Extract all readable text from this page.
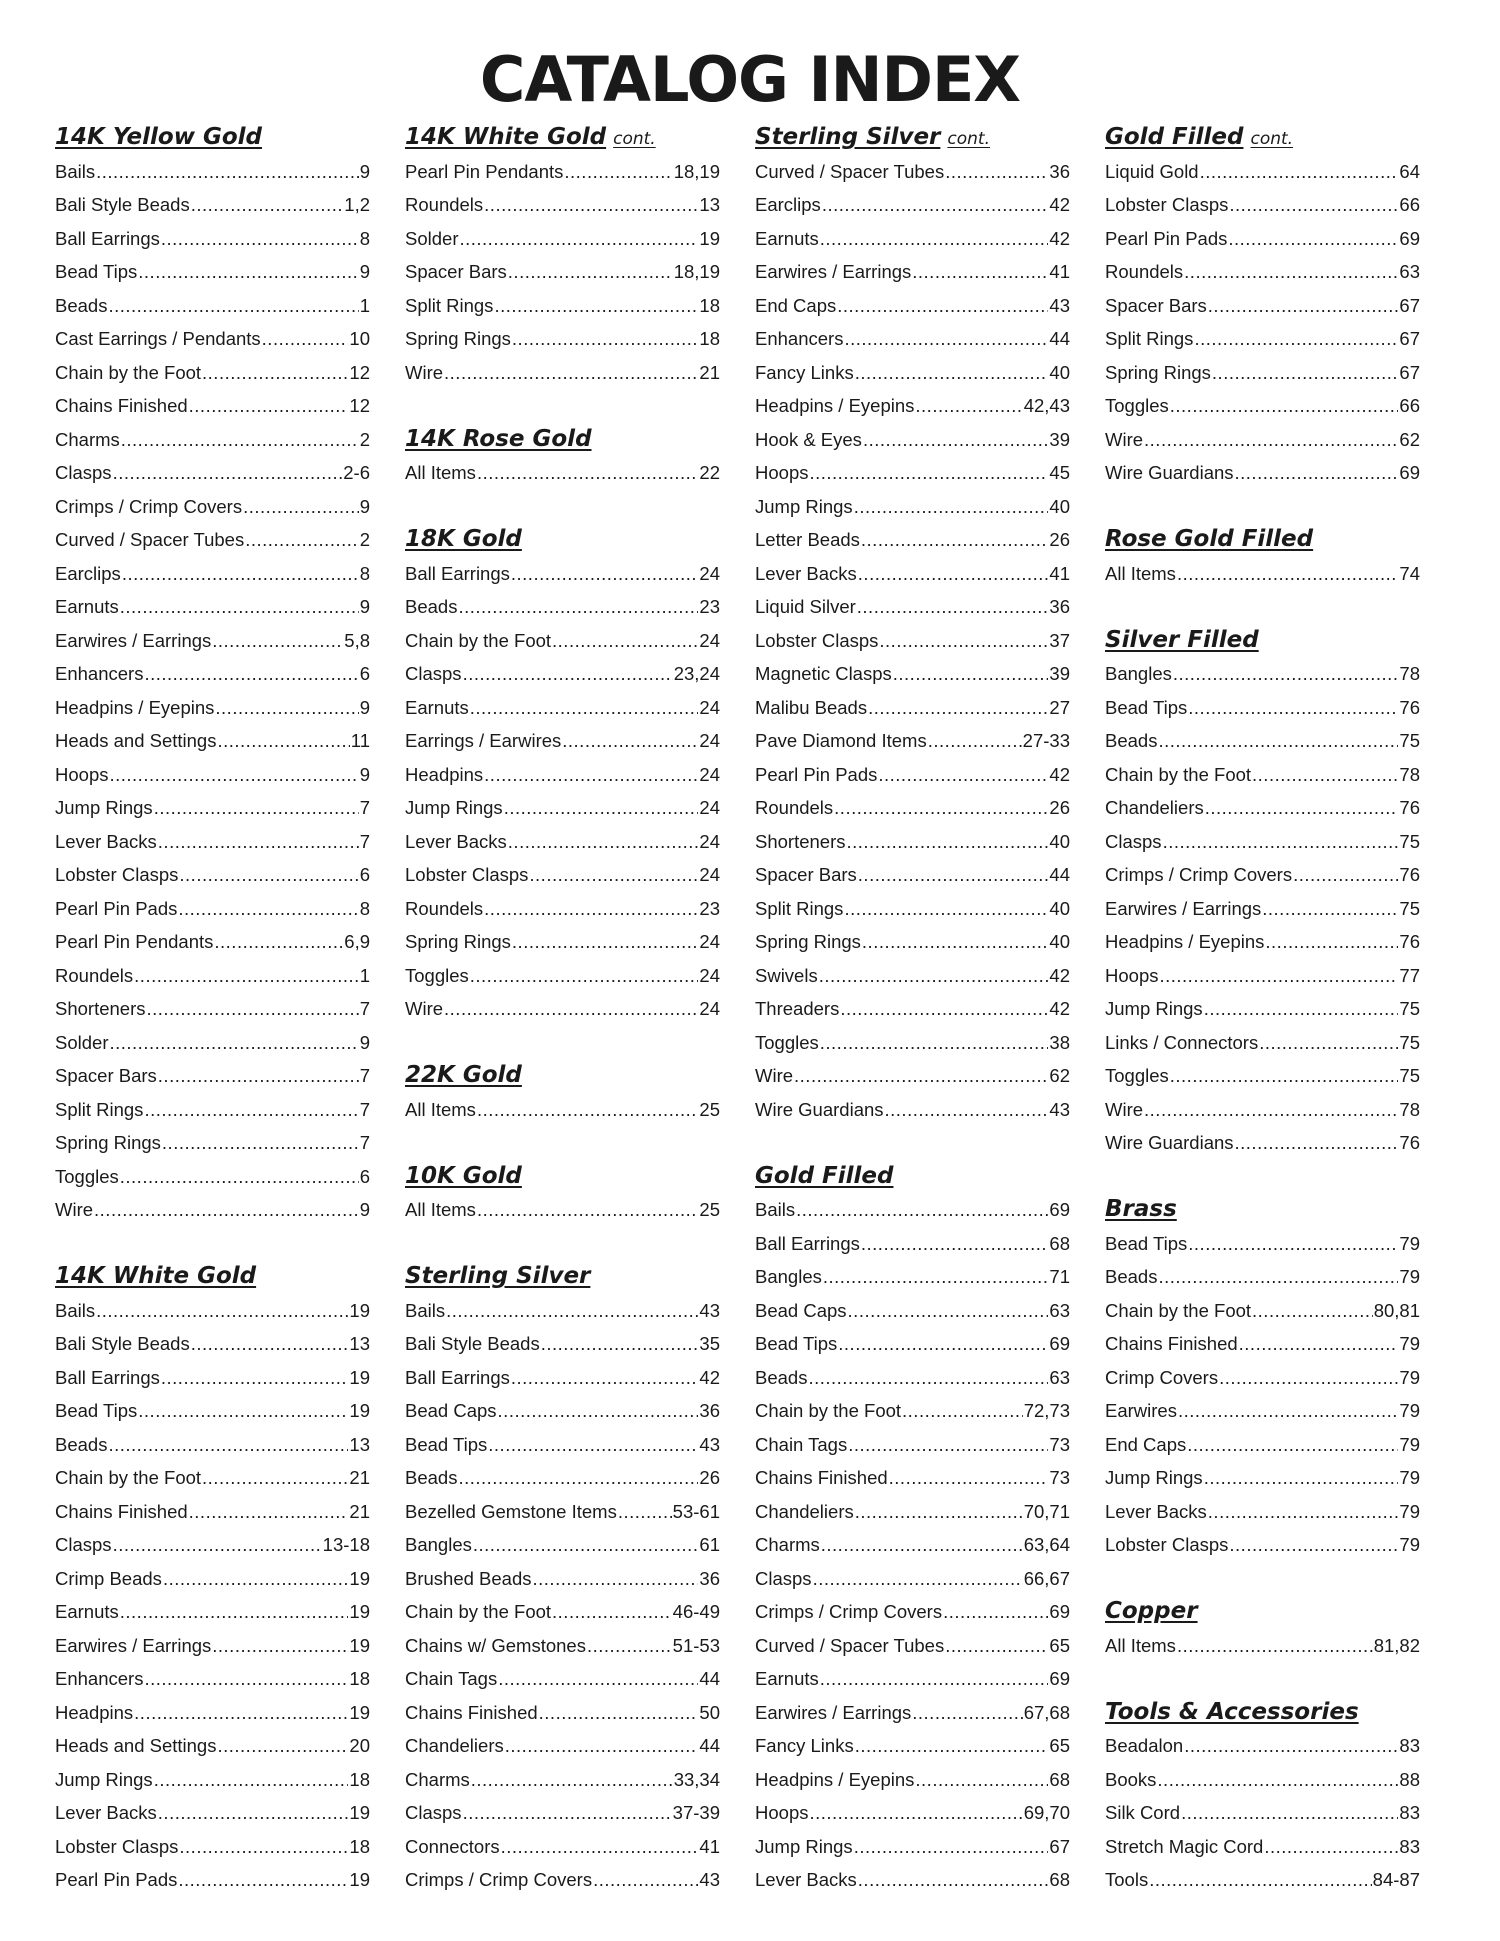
CATALOG INDEX
14K Yellow Gold
Bails .....	9
Bali Style Beads .....	1,2
Ball Earrings .....	8
Bead Tips .....	9
Beads .....	1
Cast Earrings / Pendants .....	10
Chain by the Foot .....	12
Chains Finished .....	12
Charms .....	2
Clasps .....	2-6
Crimps / Crimp Covers .....	9
Curved / Spacer Tubes .....	2
Earclips .....	8
Earnuts .....	9
Earwires / Earrings .....	5,8
Enhancers .....	6
Headpins / Eyepins .....	9
Heads and Settings .....	11
Hoops .....	9
Jump Rings .....	7
Lever Backs .....	7
Lobster Clasps .....	6
Pearl Pin Pads .....	8
Pearl Pin Pendants .....	6,9
Roundels .....	1
Shorteners .....	7
Solder .....	9
Spacer Bars .....	7
Split Rings .....	7
Spring Rings .....	7
Toggles .....	6
Wire .....	9
14K White Gold
Bails .....	19
Bali Style Beads .....	13
Ball Earrings .....	19
Bead Tips .....	19
Beads .....	13
Chain by the Foot .....	21
Chains Finished .....	21
Clasps .....	13-18
Crimp Beads .....	19
Earnuts .....	19
Earwires / Earrings .....	19
Enhancers .....	18
Headpins .....	19
Heads and Settings .....	20
Jump Rings .....	18
Lever Backs .....	19
Lobster Clasps .....	18
Pearl Pin Pads .....	19
14K White Gold cont.
Pearl Pin Pendants .....	18,19
Roundels .....	13
Solder .....	19
Spacer Bars .....	18,19
Split Rings .....	18
Spring Rings .....	18
Wire .....	21
14K Rose Gold
All Items .....	22
18K Gold
Ball Earrings .....	24
Beads .....	23
Chain by the Foot .....	24
Clasps .....	23,24
Earnuts .....	24
Earrings / Earwires .....	24
Headpins .....	24
Jump Rings .....	24
Lever Backs .....	24
Lobster Clasps .....	24
Roundels .....	23
Spring Rings .....	24
Toggles .....	24
Wire .....	24
22K Gold
All Items .....	25
10K Gold
All Items .....	25
Sterling Silver
Bails .....	43
Bali Style Beads .....	35
Ball Earrings .....	42
Bead Caps .....	36
Bead Tips .....	43
Beads .....	26
Bezelled Gemstone Items .....	53-61
Bangles .....	61
Brushed Beads .....	36
Chain by the Foot .....	46-49
Chains w/ Gemstones .....	51-53
Chain Tags .....	44
Chains Finished .....	50
Chandeliers .....	44
Charms .....	33,34
Clasps .....	37-39
Connectors .....	41
Crimps / Crimp Covers .....	43
Sterling Silver cont.
Curved / Spacer Tubes .....	36
Earclips .....	42
Earnuts .....	42
Earwires / Earrings .....	41
End Caps .....	43
Enhancers .....	44
Fancy Links .....	40
Headpins / Eyepins .....	42,43
Hook & Eyes .....	39
Hoops .....	45
Jump Rings .....	40
Letter Beads .....	26
Lever Backs .....	41
Liquid Silver .....	36
Lobster Clasps .....	37
Magnetic Clasps .....	39
Malibu Beads .....	27
Pave Diamond Items .....	27-33
Pearl Pin Pads .....	42
Roundels .....	26
Shorteners .....	40
Spacer Bars .....	44
Split Rings .....	40
Spring Rings .....	40
Swivels .....	42
Threaders .....	42
Toggles .....	38
Wire .....	62
Wire Guardians .....	43
Gold Filled
Bails .....	69
Ball Earrings .....	68
Bangles .....	71
Bead Caps .....	63
Bead Tips .....	69
Beads .....	63
Chain by the Foot .....	72,73
Chain Tags .....	73
Chains Finished .....	73
Chandeliers .....	70,71
Charms .....	63,64
Clasps .....	66,67
Crimps / Crimp Covers .....	69
Curved / Spacer Tubes .....	65
Earnuts .....	69
Earwires / Earrings .....	67,68
Fancy Links .....	65
Headpins / Eyepins .....	68
Hoops .....	69,70
Jump Rings .....	67
Lever Backs .....	68
Gold Filled cont.
Liquid Gold .....	64
Lobster Clasps .....	66
Pearl Pin Pads .....	69
Roundels .....	63
Spacer Bars .....	67
Split Rings .....	67
Spring Rings .....	67
Toggles .....	66
Wire .....	62
Wire Guardians .....	69
Rose Gold Filled
All Items .....	74
Silver Filled
Bangles .....	78
Bead Tips .....	76
Beads .....	75
Chain by the Foot .....	78
Chandeliers .....	76
Clasps .....	75
Crimps / Crimp Covers .....	76
Earwires / Earrings .....	75
Headpins / Eyepins .....	76
Hoops .....	77
Jump Rings .....	75
Links / Connectors .....	75
Toggles .....	75
Wire .....	78
Wire Guardians .....	76
Brass
Bead Tips .....	79
Beads .....	79
Chain by the Foot .....	80,81
Chains Finished .....	79
Crimp Covers .....	79
Earwires .....	79
End Caps .....	79
Jump Rings .....	79
Lever Backs .....	79
Lobster Clasps .....	79
Copper
All Items .....	81,82
Tools & Accessories
Beadalon .....	83
Books .....	88
Silk Cord .....	83
Stretch Magic Cord .....	83
Tools .....	84-87
